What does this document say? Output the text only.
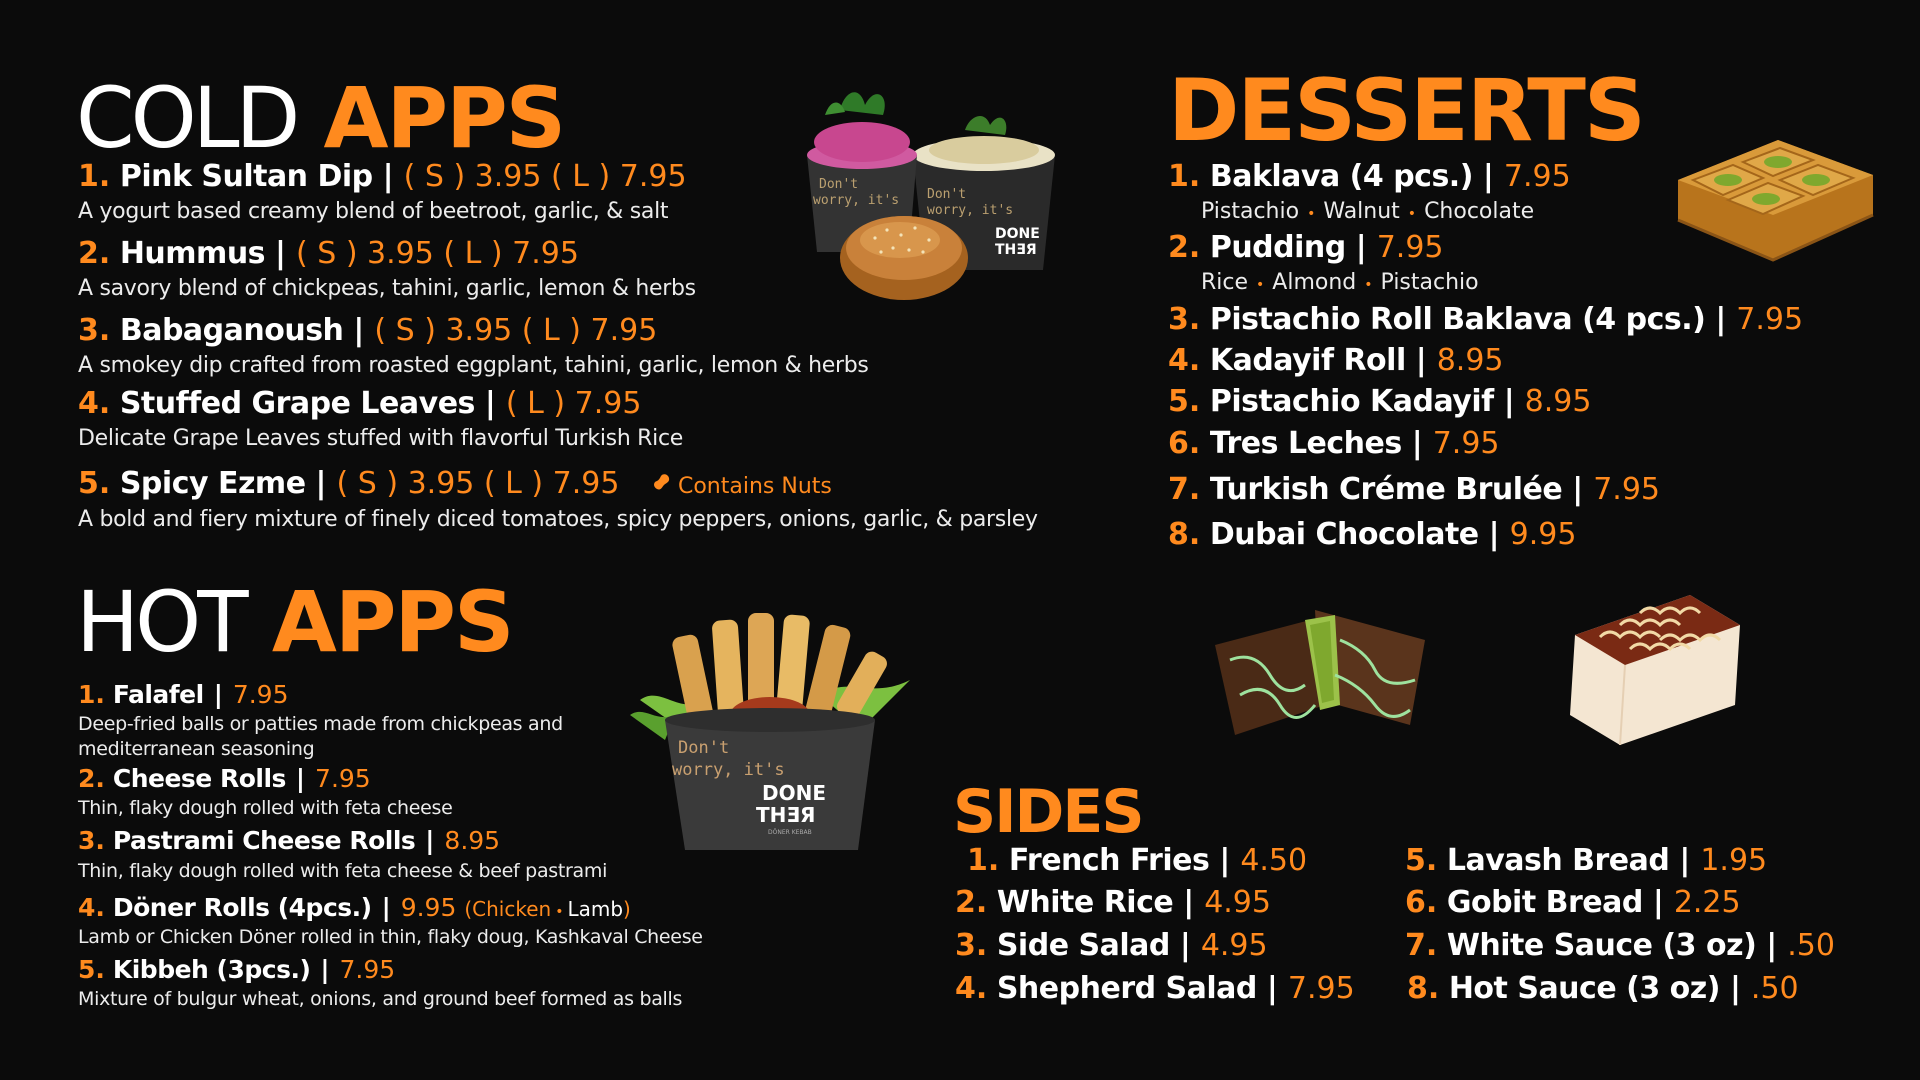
COLD APPS
1. Pink Sultan Dip | ( S ) 3.95 ( L ) 7.95
A yogurt based creamy blend of beetroot, garlic, & salt
2. Hummus | ( S ) 3.95 ( L ) 7.95
A savory blend of chickpeas, tahini, garlic, lemon & herbs
3. Babaganoush | ( S ) 3.95 ( L ) 7.95
A smokey dip crafted from roasted eggplant, tahini, garlic, lemon & herbs
4. Stuffed Grape Leaves | ( L ) 7.95
Delicate Grape Leaves stuffed with flavorful Turkish Rice
5. Spicy Ezme | ( S ) 3.95 ( L ) 7.95	Contains Nuts
A bold and fiery mixture of finely diced tomatoes, spicy peppers, onions, garlic, & parsley
Don't
worry, it's Don't
worry, it's
DONE
THƎЯ
HOT APPS
1. Falafel | 7.95
Deep-fried balls or patties made from chickpeas and
mediterranean seasoning
2. Cheese Rolls | 7.95
Thin, flaky dough rolled with feta cheese
3. Pastrami Cheese Rolls | 8.95
Thin, flaky dough rolled with feta cheese & beef pastrami
4. Döner Rolls (4pcs.) | 9.95 (Chicken • Lamb)
Lamb or Chicken Döner rolled in thin, flaky doug, Kashkaval Cheese
5. Kibbeh (3pcs.) | 7.95
Mixture of bulgur wheat, onions, and ground beef formed as balls
Don't
worry, it's
DONE
THƎЯ
DÖNER KEBAB
DESSERTS
1. Baklava (4 pcs.) | 7.95
Pistachio • Walnut • Chocolate
2. Pudding | 7.95
Rice • Almond • Pistachio
3. Pistachio Roll Baklava (4 pcs.) | 7.95
4. Kadayif Roll | 8.95
5. Pistachio Kadayif | 8.95
6. Tres Leches | 7.95
7. Turkish Créme Brulée | 7.95
8. Dubai Chocolate | 9.95
SIDES
1. French Fries | 4.50
2. White Rice | 4.95
3. Side Salad | 4.95
4. Shepherd Salad | 7.95
5. Lavash Bread | 1.95
6. Gobit Bread | 2.25
7. White Sauce (3 oz) | .50
8. Hot Sauce (3 oz) | .50
